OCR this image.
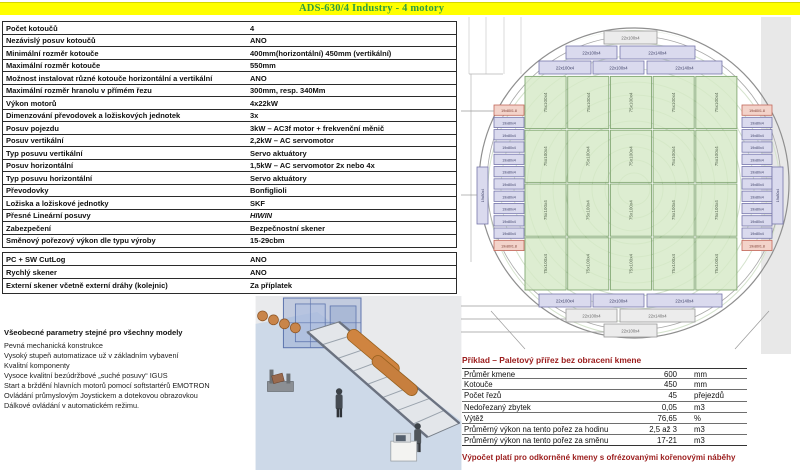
ADS-630/4 Industry - 4 motory
Počet kotoučů	4
Nezávislý posuv kotoučů	ANO
Minimální rozměr kotouče	400mm(horizontální) 450mm (vertikální)
Maximální rozměr kotouče	550mm
Možnost instalovat různé kotouče horizontální a vertikální	ANO
Maximální rozměr hranolu v přímém řezu	300mm, resp. 340Mm
Výkon motorů	4x22kW
Dimenzování převodovek a ložiskových jednotek	3x
Posuv pojezdu	3kW – AC3f motor + frekvenční měnič
Posuv vertikální	2,2kW – AC servomotor
Typ posuvu vertikální	Servo aktuátory
Posuv horizontální	1,5kW – AC servomotor 2x nebo 4x
Typ posuvu horizontální	Servo aktuátory
Převodovky	Bonfiglioli
Ložiska a ložiskové jednotky	SKF
Přesné Lineární posuvy	HIWIN
Zabezpečení	Bezpečnostní skener
Směnový pořezový výkon dle typu výroby	15-29cbm
PC + SW CutLog	ANO
Rychlý skener	ANO
Externí skener včetně externí dráhy (kolejnic)	Za příplatek
Všeobecné parametry stejné pro všechny modely
Pevná mechanická konstrukce
Vysoký stupeň automatizace už v základním vybavení
Kvalitní komponenty
Vysoce kvalitní bezúdržbové „suché posuvy“ IGUS
Start a brždění hlavních motorů pomocí softstartérů EMOTRON
Ovládání průmyslovým Joystickem a dotekovou obrazovkou
Dálkové ovládání v automatickém režimu.
75x100x4	75x100x4	75x100x4	75x100x4	75x100x4
75x100x4	75x100x4	75x100x4	75x100x4	75x100x4
75x100x4	75x100x4	75x100x4	75x100x4	75x100x4
75x100x4	75x100x4	75x100x4	75x100x4	75x100x4
22x100x4
22x100x4	22x140x4
22x100x4	22x100x4	22x140x4
22x100x4	22x100x4	22x140x4
22x100x4	22x140x4
22x100x4
19x80/1.8
19x80x4
19x80x4
19x80x4
19x80x4
19x80x4
19x80x4
19x80x4
19x80x4
19x80x4
19x80x4
19x80/1.8
19x80/1.8
19x80x4
19x80x4
19x80x4
19x80x4
19x80x4
19x80x4
19x80x4
19x80x4
19x80x4
19x80x4
19x80/1.8
19x80x4	19x80x4
Příklad – Paletový přířez bez obracení kmene
Průměr kmene	600 mm
Kotouče	450 mm
Počet řezů	45 přejezdů
Nedořezaný zbytek	0,05 m3
Výtěž	76,65 %
Průměrný výkon na tento pořez za hodinu	2,5 až 3 m3
Průměrný výkon na tento pořez za směnu	17-21 m3
Výpočet platí pro odkorněné kmeny s ofrézovanými kořenovými náběhy
